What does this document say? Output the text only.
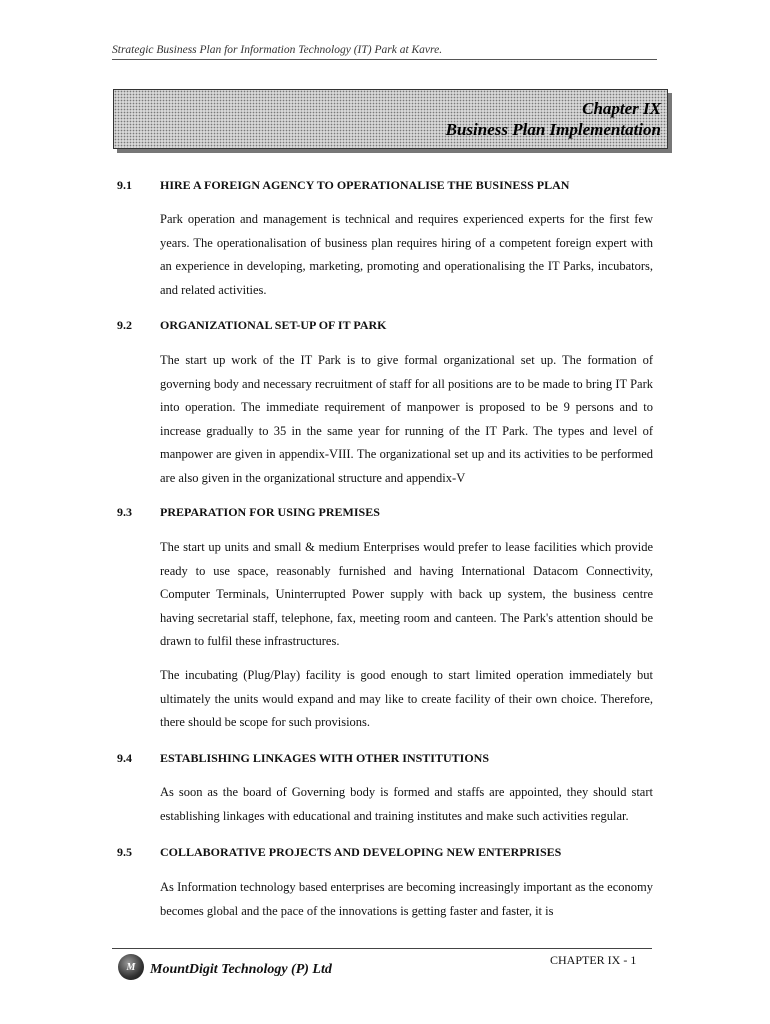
Strategic Business Plan for Information Technology (IT) Park at Kavre.
Chapter IX
Business Plan Implementation
9.1 HIRE A FOREIGN AGENCY TO OPERATIONALISE THE BUSINESS PLAN
Park operation and management is technical and requires experienced experts for the first few years. The operationalisation of business plan requires hiring of a competent foreign expert with an experience in developing, marketing, promoting and operationalising the IT Parks, incubators, and related activities.
9.2 ORGANIZATIONAL SET-UP OF IT PARK
The start up work of the IT Park is to give formal organizational set up. The formation of governing body and necessary recruitment of staff for all positions are to be made to bring IT Park into operation. The immediate requirement of manpower is proposed to be 9 persons and to increase gradually to 35 in the same year for running of the IT Park. The types and level of manpower are given in appendix-VIII. The organizational set up and its activities to be performed are also given in the organizational structure and appendix-V
9.3 PREPARATION FOR USING PREMISES
The start up units and small & medium Enterprises would prefer to lease facilities which provide ready to use space, reasonably furnished and having International Datacom Connectivity, Computer Terminals, Uninterrupted Power supply with back up system, the business centre having secretarial staff, telephone, fax, meeting room and canteen. The Park's attention should be drawn to fulfil these infrastructures.
The incubating (Plug/Play) facility is good enough to start limited operation immediately but ultimately the units would expand and may like to create facility of their own choice. Therefore, there should be scope for such provisions.
9.4 ESTABLISHING LINKAGES WITH OTHER INSTITUTIONS
As soon as the board of Governing body is formed and staffs are appointed, they should start establishing linkages with educational and training institutes and make such activities regular.
9.5 COLLABORATIVE PROJECTS AND DEVELOPING NEW ENTERPRISES
As Information technology based enterprises are becoming increasingly important as the economy becomes global and the pace of the innovations is getting faster and faster, it is
CHAPTER IX - 1
M	MountDigit Technology (P) Ltd
